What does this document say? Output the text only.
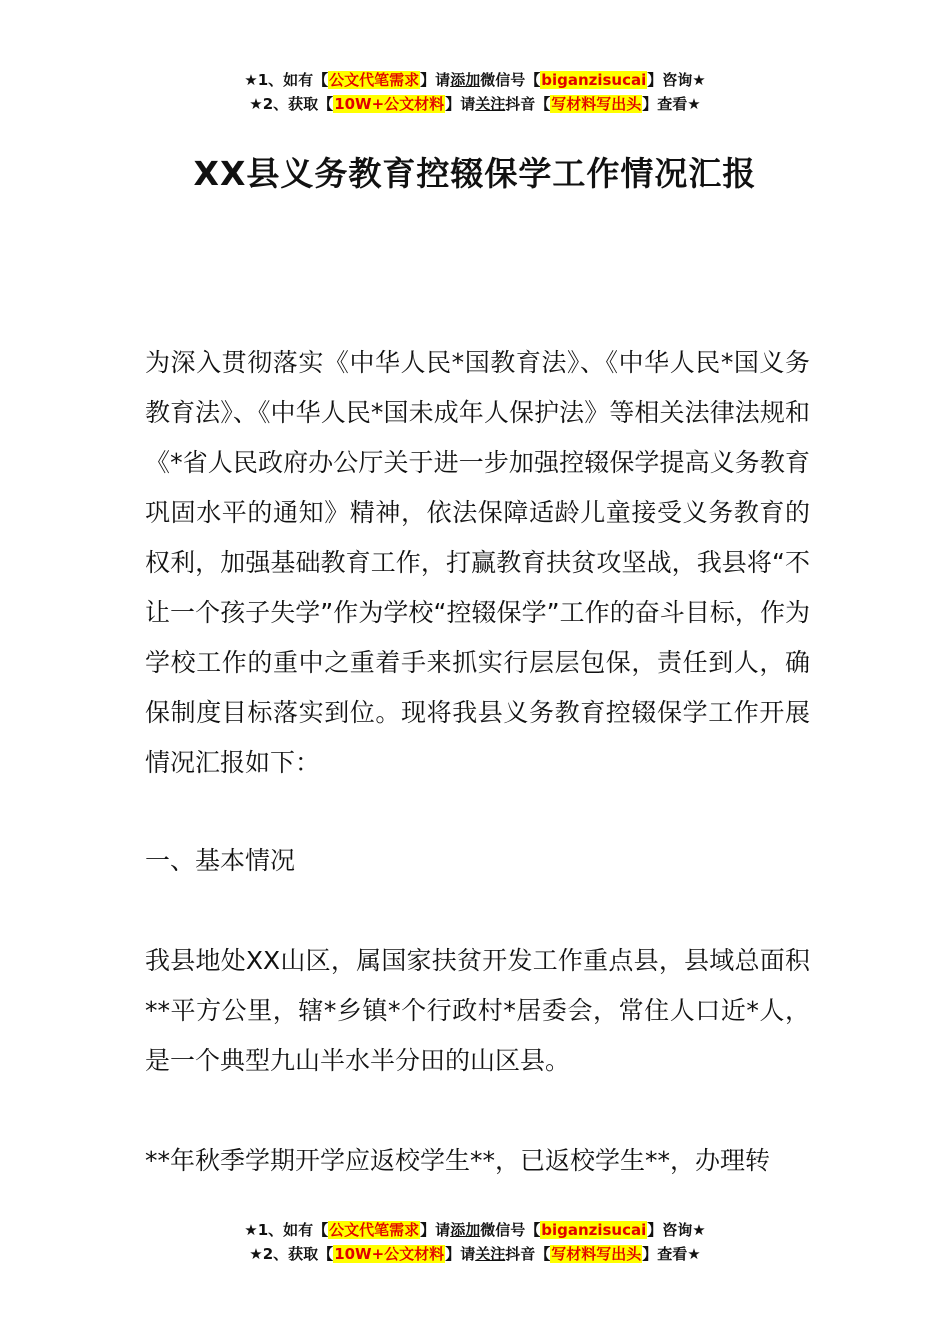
★1、如有【公文代笔需求】请添加微信号【biganzisucai】咨询★
★2、获取【10W+公文材料】请关注抖音【写材料写出头】查看★
XX县义务教育控辍保学工作情况汇报

为深入贯彻落实《中华人民*国教育法》、《中华人民*国义务教育法》、《中华人民*国未成年人保护法》等相关法律法规和《*省人民政府办公厅关于进一步加强控辍保学提高义务教育巩固水平的通知》精神，依法保障适龄儿童接受义务教育的权利，加强基础教育工作，打赢教育扶贫攻坚战，我县将“不让一个孩子失学”作为学校“控辍保学”工作的奋斗目标，作为学校工作的重中之重着手来抓实行层层包保，责任到人，确保制度目标落实到位。现将我县义务教育控辍保学工作开展情况汇报如下：

一、基本情况

我县地处XX山区，属国家扶贫开发工作重点县，县域总面积**平方公里，辖*乡镇*个行政村*居委会，常住人口近*人，是一个典型九山半水半分田的山区县。

**年秋季学期开学应返校学生**，已返校学生**，办理转

★1、如有【公文代笔需求】请添加微信号【biganzisucai】咨询★
★2、获取【10W+公文材料】请关注抖音【写材料写出头】查看★
